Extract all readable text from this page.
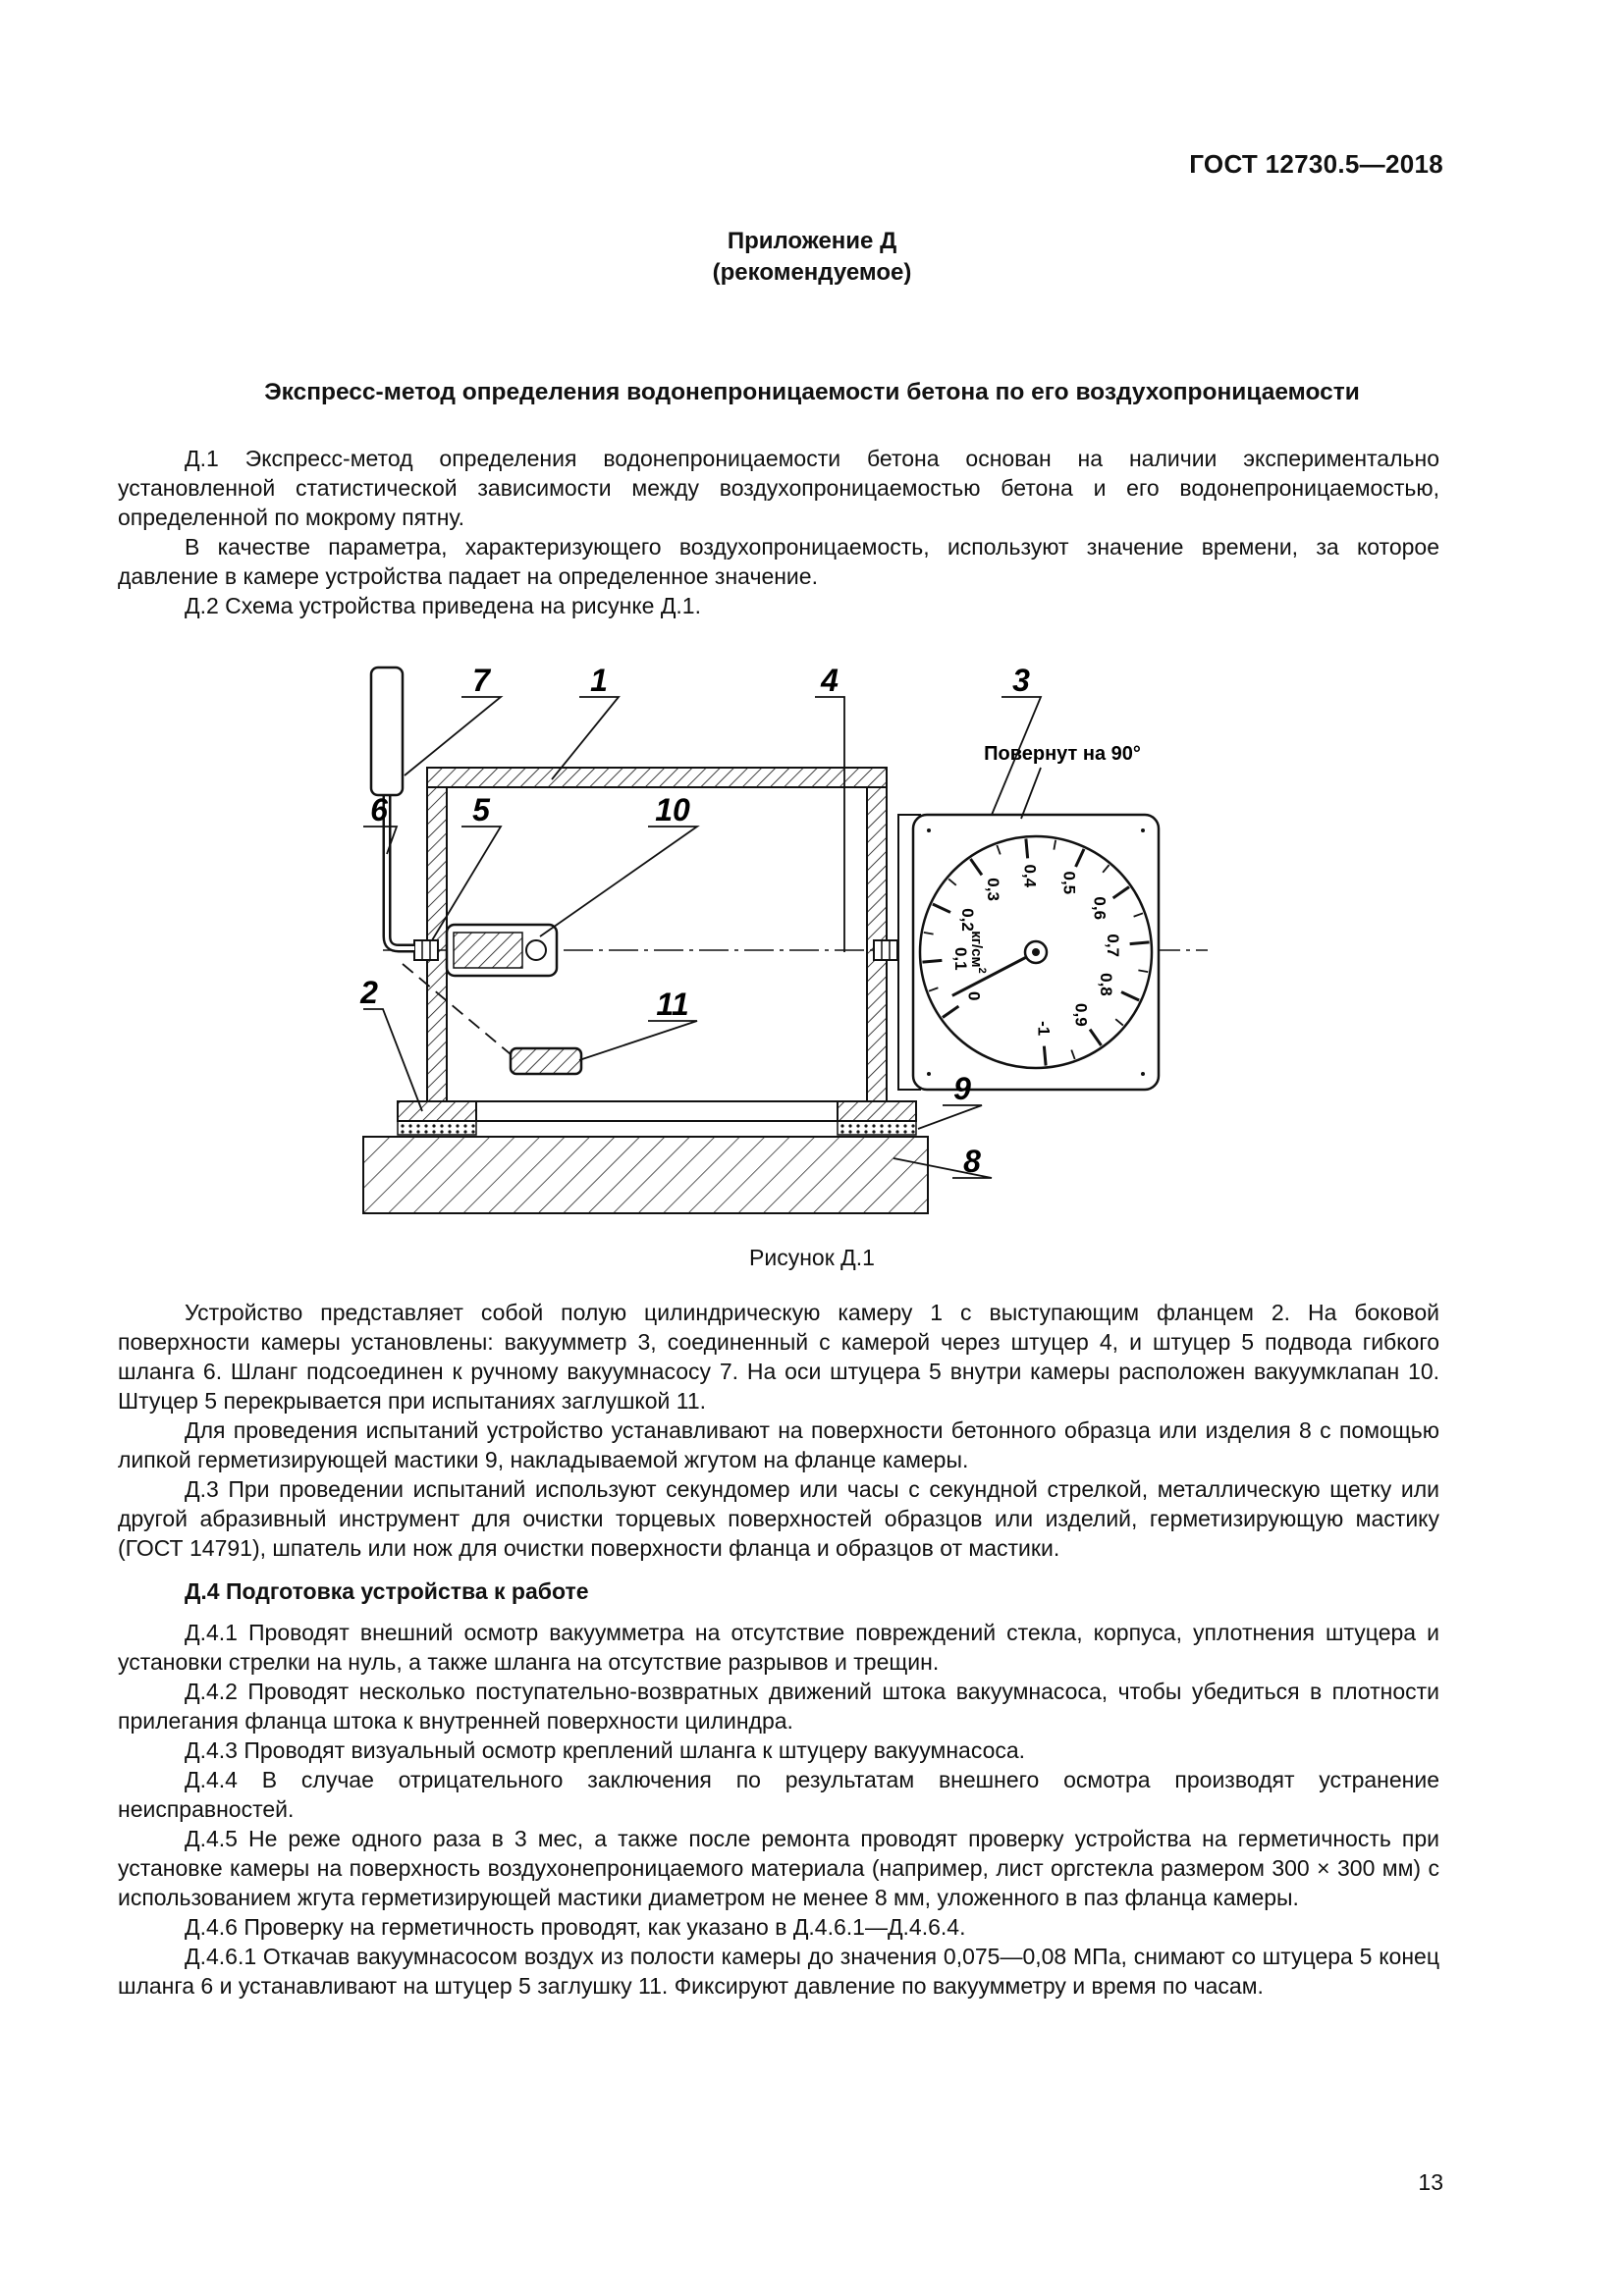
ГОСТ 12730.5—2018
Приложение Д
(рекомендуемое)
Экспресс-метод определения водонепроницаемости бетона по его воздухопроницаемости

Д.1 Экспресс-метод определения водонепроницаемости бетона основан на наличии экспериментально установленной статистической зависимости между воздухопроницаемостью бетона и его водонепроницаемостью, определенной по мокрому пятну.

В качестве параметра, характеризующего воздухопроницаемость, используют значение времени, за которое давление в камере устройства падает на определенное значение.

Д.2 Схема устройства приведена на рисунке Д.1.

0
0,1
0,2
0,3
0,4 0,5
0,6
0,7
0,8
0,9
-1
$кг/см^2$
Повернут на 90°
7	1	4	3
6	5	10
11
2
9
8
Рисунок Д.1

Устройство представляет собой полую цилиндрическую камеру 1 с выступающим фланцем 2. На боковой поверхности камеры установлены: вакуумметр 3, соединенный с камерой через штуцер 4, и штуцер 5 подвода гибкого шланга 6. Шланг подсоединен к ручному вакуумнасосу 7. На оси штуцера 5 внутри камеры расположен вакуумклапан 10. Штуцер 5 перекрывается при испытаниях заглушкой 11.

Для проведения испытаний устройство устанавливают на поверхности бетонного образца или изделия 8 с помощью липкой герметизирующей мастики 9, накладываемой жгутом на фланце камеры.

Д.3 При проведении испытаний используют секундомер или часы с секундной стрелкой, металлическую щетку или другой абразивный инструмент для очистки торцевых поверхностей образцов или изделий, герметизирующую мастику (ГОСТ 14791), шпатель или нож для очистки поверхности фланца и образцов от мастики.

Д.4 Подготовка устройства к работе

Д.4.1 Проводят внешний осмотр вакуумметра на отсутствие повреждений стекла, корпуса, уплотнения штуцера и установки стрелки на нуль, а также шланга на отсутствие разрывов и трещин.

Д.4.2 Проводят несколько поступательно-возвратных движений штока вакуумнасоса, чтобы убедиться в плотности прилегания фланца штока к внутренней поверхности цилиндра.

Д.4.3 Проводят визуальный осмотр креплений шланга к штуцеру вакуумнасоса.

Д.4.4 В случае отрицательного заключения по результатам внешнего осмотра производят устранение неисправностей.

Д.4.5 Не реже одного раза в 3 мес, а также после ремонта проводят проверку устройства на герметичность при установке камеры на поверхность воздухонепроницаемого материала (например, лист оргстекла размером 300 × 300 мм) с использованием жгута герметизирующей мастики диаметром не менее 8 мм, уложенного в паз фланца камеры.

Д.4.6 Проверку на герметичность проводят, как указано в Д.4.6.1—Д.4.6.4.

Д.4.6.1 Откачав вакуумнасосом воздух из полости камеры до значения 0,075—0,08 МПа, снимают со штуцера 5 конец шланга 6 и устанавливают на штуцер 5 заглушку 11. Фиксируют давление по вакуумметру и время по часам.

13
